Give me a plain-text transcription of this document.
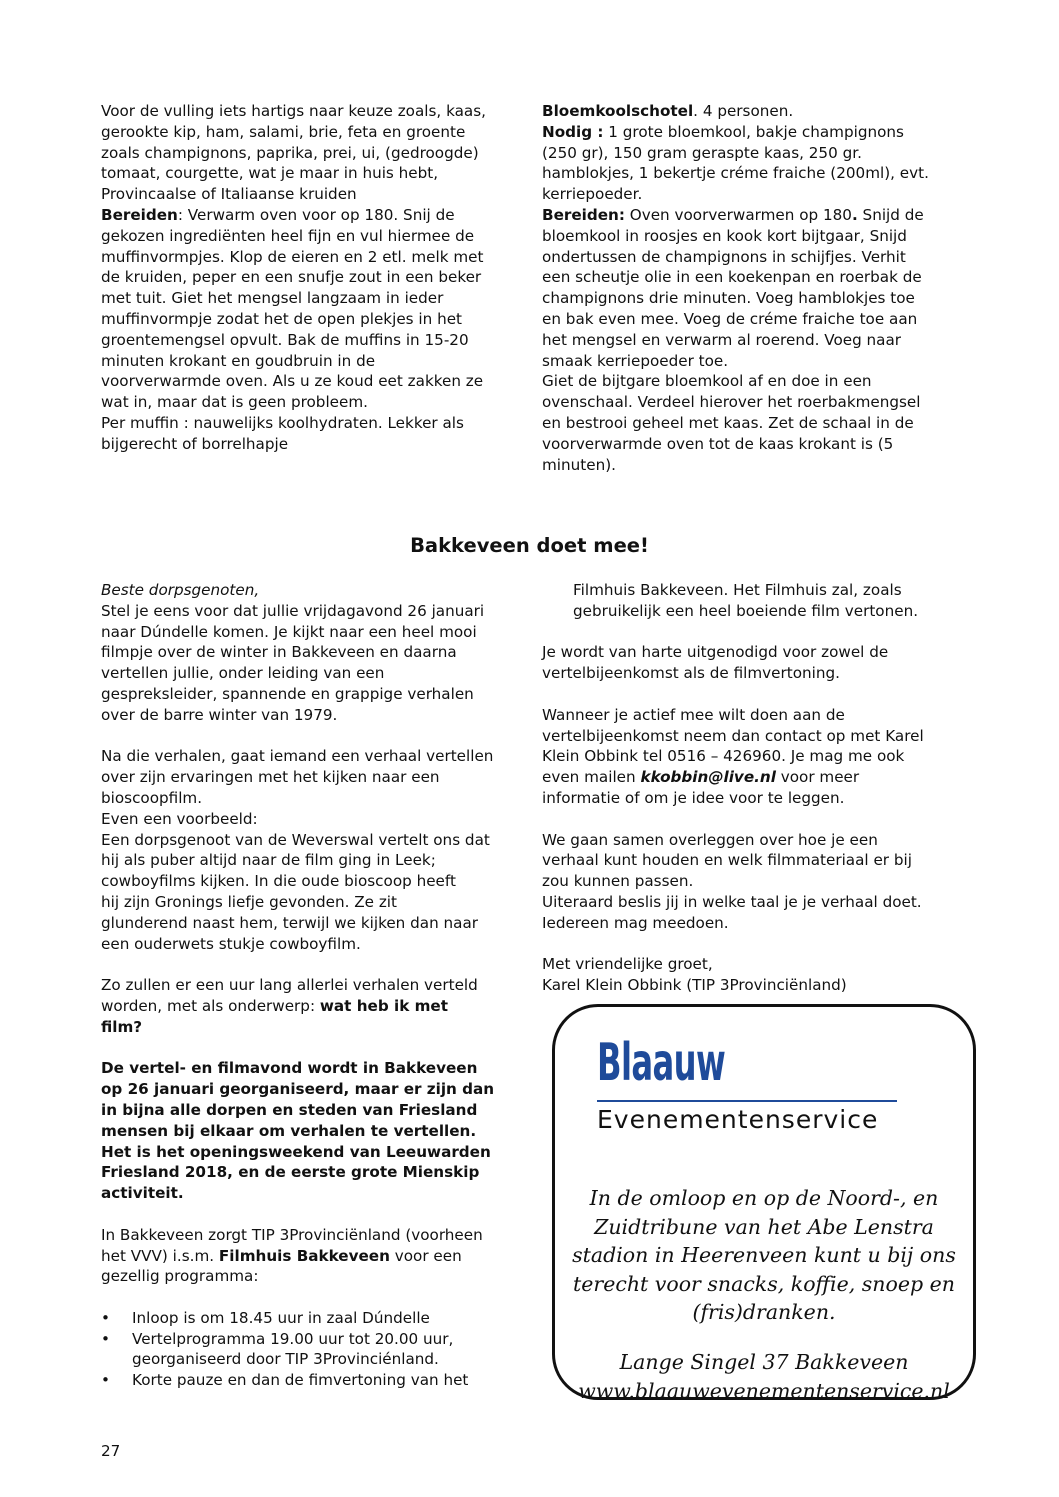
Voor de vulling iets hartigs naar keuze zoals, kaas,

gerookte kip, ham, salami, brie, feta en groente

zoals champignons, paprika, prei, ui, (gedroogde)

tomaat, courgette, wat je maar in huis hebt,

Provincaalse of Italiaanse kruiden

Bereiden: Verwarm oven voor op 180. Snij de

gekozen ingrediënten heel fijn en vul hiermee de

muffinvormpjes. Klop de eieren en 2 etl. melk met

de kruiden, peper en een snufje zout in een beker

met tuit. Giet het mengsel langzaam in ieder

muffinvormpje zodat het de open plekjes in het

groentemengsel opvult. Bak de muffins in 15-20

minuten krokant en goudbruin in de

voorverwarmde oven. Als u ze koud eet zakken ze

wat in, maar dat is geen probleem.

Per muffin : nauwelijks koolhydraten. Lekker als

bijgerecht of borrelhapje

Bloemkoolschotel. 4 personen.

Nodig : 1 grote bloemkool, bakje champignons

(250 gr), 150 gram geraspte kaas, 250 gr.

hamblokjes, 1 bekertje créme fraiche (200ml), evt.

kerriepoeder.

Bereiden: Oven voorverwarmen op 180. Snijd de

bloemkool in roosjes en kook kort bijtgaar, Snijd

ondertussen de champignons in schijfjes. Verhit

een scheutje olie in een koekenpan en roerbak de

champignons drie minuten. Voeg hamblokjes toe

en bak even mee. Voeg de créme fraiche toe aan

het mengsel en verwarm al roerend. Voeg naar

smaak kerriepoeder toe.

Giet de bijtgare bloemkool af en doe in een

ovenschaal. Verdeel hierover het roerbakmengsel

en bestrooi geheel met kaas. Zet de schaal in de

voorverwarmde oven tot de kaas krokant is (5

minuten).

Bakkeveen doet mee!

Beste dorpsgenoten,

Stel je eens voor dat jullie vrijdagavond 26 januari

naar Dúndelle komen. Je kijkt naar een heel mooi

filmpje over de winter in Bakkeveen en daarna

vertellen jullie, onder leiding van een

gespreksleider, spannende en grappige verhalen

over de barre winter van 1979.

Na die verhalen, gaat iemand een verhaal vertellen

over zijn ervaringen met het kijken naar een

bioscoopfilm.

Even een voorbeeld:

Een dorpsgenoot van de Weverswal vertelt ons dat

hij als puber altijd naar de film ging in Leek;

cowboyfilms kijken. In die oude bioscoop heeft

hij zijn Gronings liefje gevonden. Ze zit

glunderend naast hem, terwijl we kijken dan naar

een ouderwets stukje cowboyfilm.

Zo zullen er een uur lang allerlei verhalen verteld

worden, met als onderwerp: wat heb ik met

film?

De vertel- en filmavond wordt in Bakkeveen

op 26 januari georganiseerd, maar er zijn dan

in bijna alle dorpen en steden van Friesland

mensen bij elkaar om verhalen te vertellen.

Het is het openingsweekend van Leeuwarden

Friesland 2018, en de eerste grote Mienskip

activiteit.

In Bakkeveen zorgt TIP 3Provinciënland (voorheen

het VVV) i.s.m. Filmhuis Bakkeveen voor een

gezellig programma:

• Inloop is om 18.45 uur in zaal Dúndelle
• Vertelprogramma 19.00 uur tot 20.00 uur,
georganiseerd door TIP 3Provinciénland.
• Korte pauze en dan de fimvertoning van het

Filmhuis Bakkeveen. Het Filmhuis zal, zoals

gebruikelijk een heel boeiende film vertonen.

Je wordt van harte uitgenodigd voor zowel de

vertelbijeenkomst als de filmvertoning.

Wanneer je actief mee wilt doen aan de

vertelbijeenkomst neem dan contact op met Karel

Klein Obbink tel 0516 – 426960. Je mag me ook

even mailen kkobbin@live.nl voor meer

informatie of om je idee voor te leggen.

We gaan samen overleggen over hoe je een

verhaal kunt houden en welk filmmateriaal er bij

zou kunnen passen.

Uiteraard beslis jij in welke taal je je verhaal doet.

Iedereen mag meedoen.

Met vriendelijke groet,

Karel Klein Obbink (TIP 3Provinciënland)

Blaauw
Evenementenservice

In de omloop en op de Noord-, en

Zuidtribune van het Abe Lenstra

stadion in Heerenveen kunt u bij ons

terecht voor snacks, koffie, snoep en

(fris)dranken.

Lange Singel 37 Bakkeveen

www.blaauwevenementenservice.nl

27
